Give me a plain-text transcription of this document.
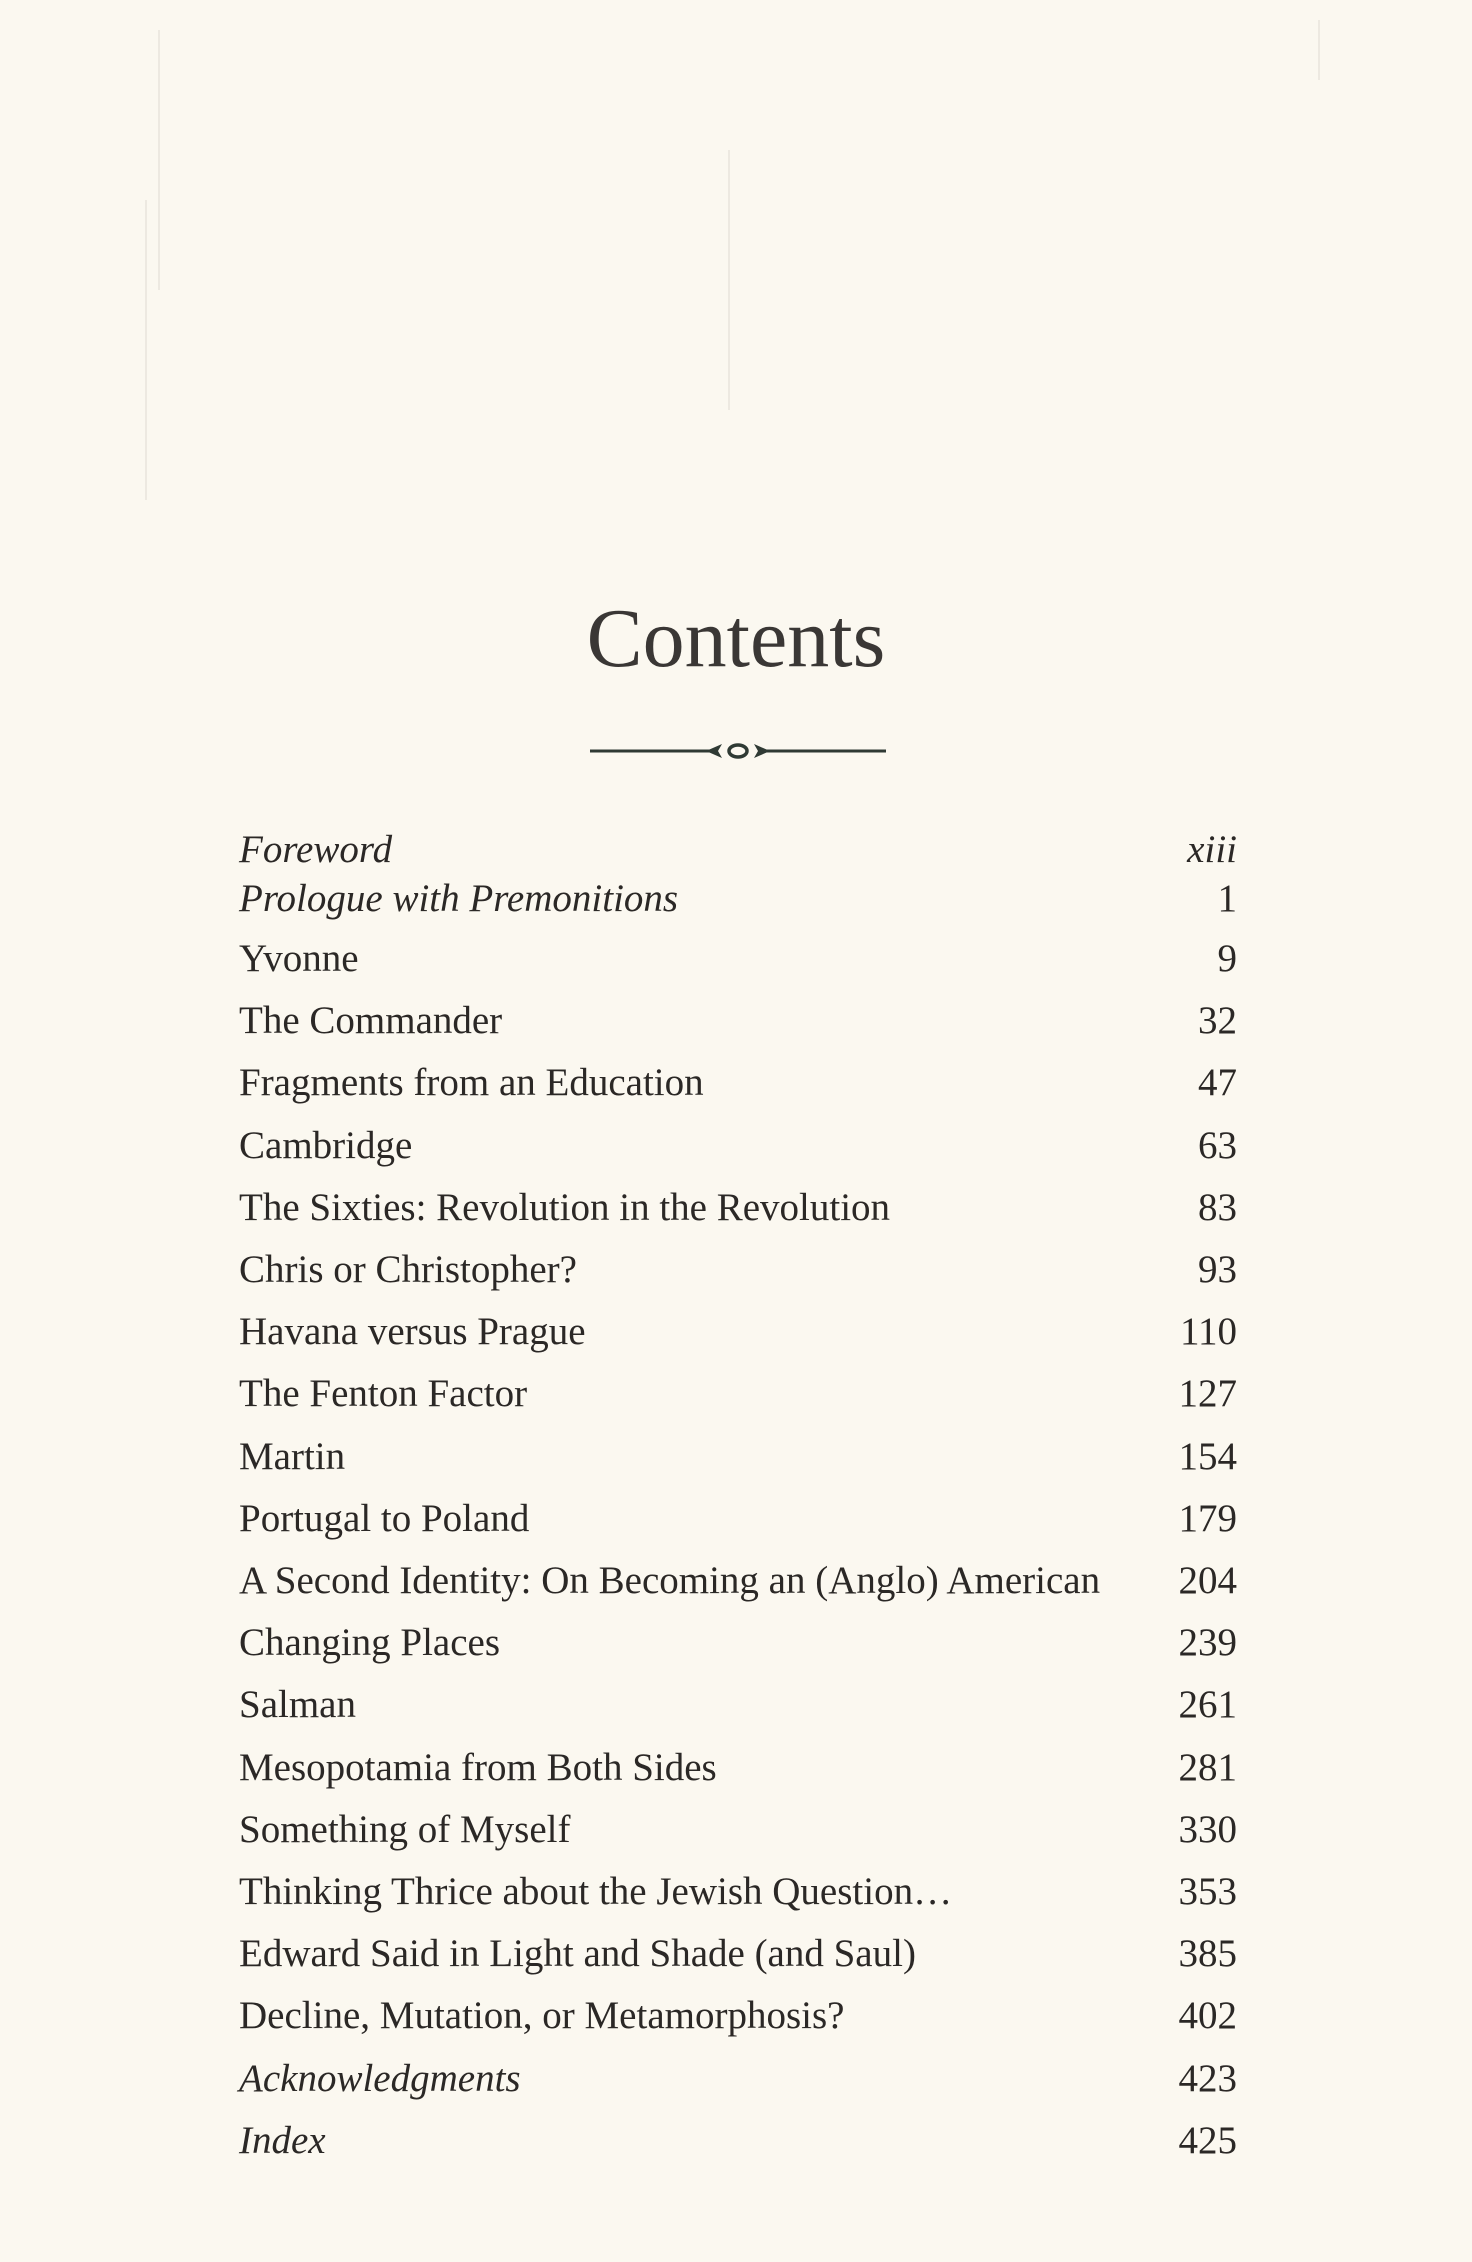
Contents
Foreword	xiii
Prologue with Premonitions	1
Yvonne	9
The Commander	32
Fragments from an Education	47
Cambridge	63
The Sixties: Revolution in the Revolution	83
Chris or Christopher?	93
Havana versus Prague	110
The Fenton Factor	127
Martin	154
Portugal to Poland	179
A Second Identity: On Becoming an (Anglo) American 204
Changing Places	239
Salman	261
Mesopotamia from Both Sides	281
Something of Myself	330
Thinking Thrice about the Jewish Question…	353
Edward Said in Light and Shade (and Saul)	385
Decline, Mutation, or Metamorphosis?	402
Acknowledgments	423
Index	425
